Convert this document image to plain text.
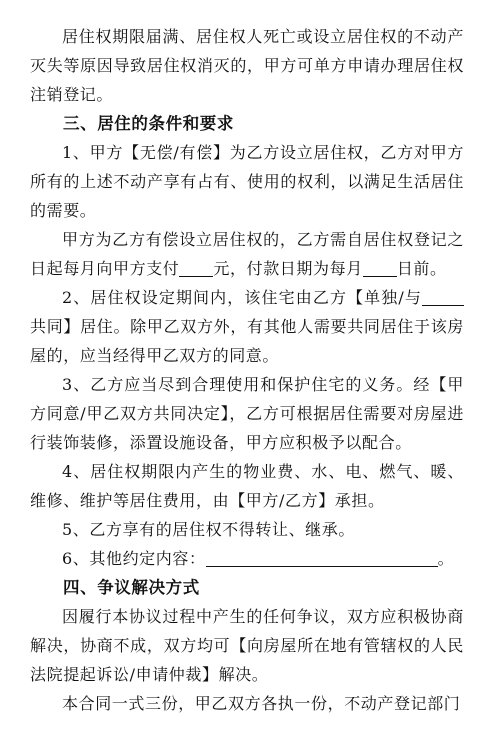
居住权期限届满、居住权人死亡或设立居住权的不动产灭失等原因导致居住权消灭的，甲方可单方申请办理居住权注销登记。

三、居住的条件和要求

1、甲方【无偿/有偿】为乙方设立居住权，乙方对甲方所有的上述不动产享有占有、使用的权利，以满足生活居住的需要。

甲方为乙方有偿设立居住权的，乙方需自居住权登记之日起每月向甲方支付 元，付款日期为每月 日前。

2、居住权设定期间内，该住宅由乙方【单独/与共同】居住。除甲乙双方外，有其他人需要共同居住于该房屋的，应当经得甲乙双方的同意。

3、乙方应当尽到合理使用和保护住宅的义务。经【甲方同意/甲乙双方共同决定】，乙方可根据居住需要对房屋进行装饰装修，添置设施设备，甲方应积极予以配合。

4、居住权期限内产生的物业费、水、电、燃气、暖、维修、维护等居住费用，由【甲方/乙方】承担。

5、乙方享有的居住权不得转让、继承。

6、其他约定内容：	。

四、争议解决方式

因履行本协议过程中产生的任何争议，双方应积极协商解决，协商不成，双方均可【向房屋所在地有管辖权的人民法院提起诉讼/申请仲裁】解决。

本合同一式三份，甲乙双方各执一份，不动产登记部门
